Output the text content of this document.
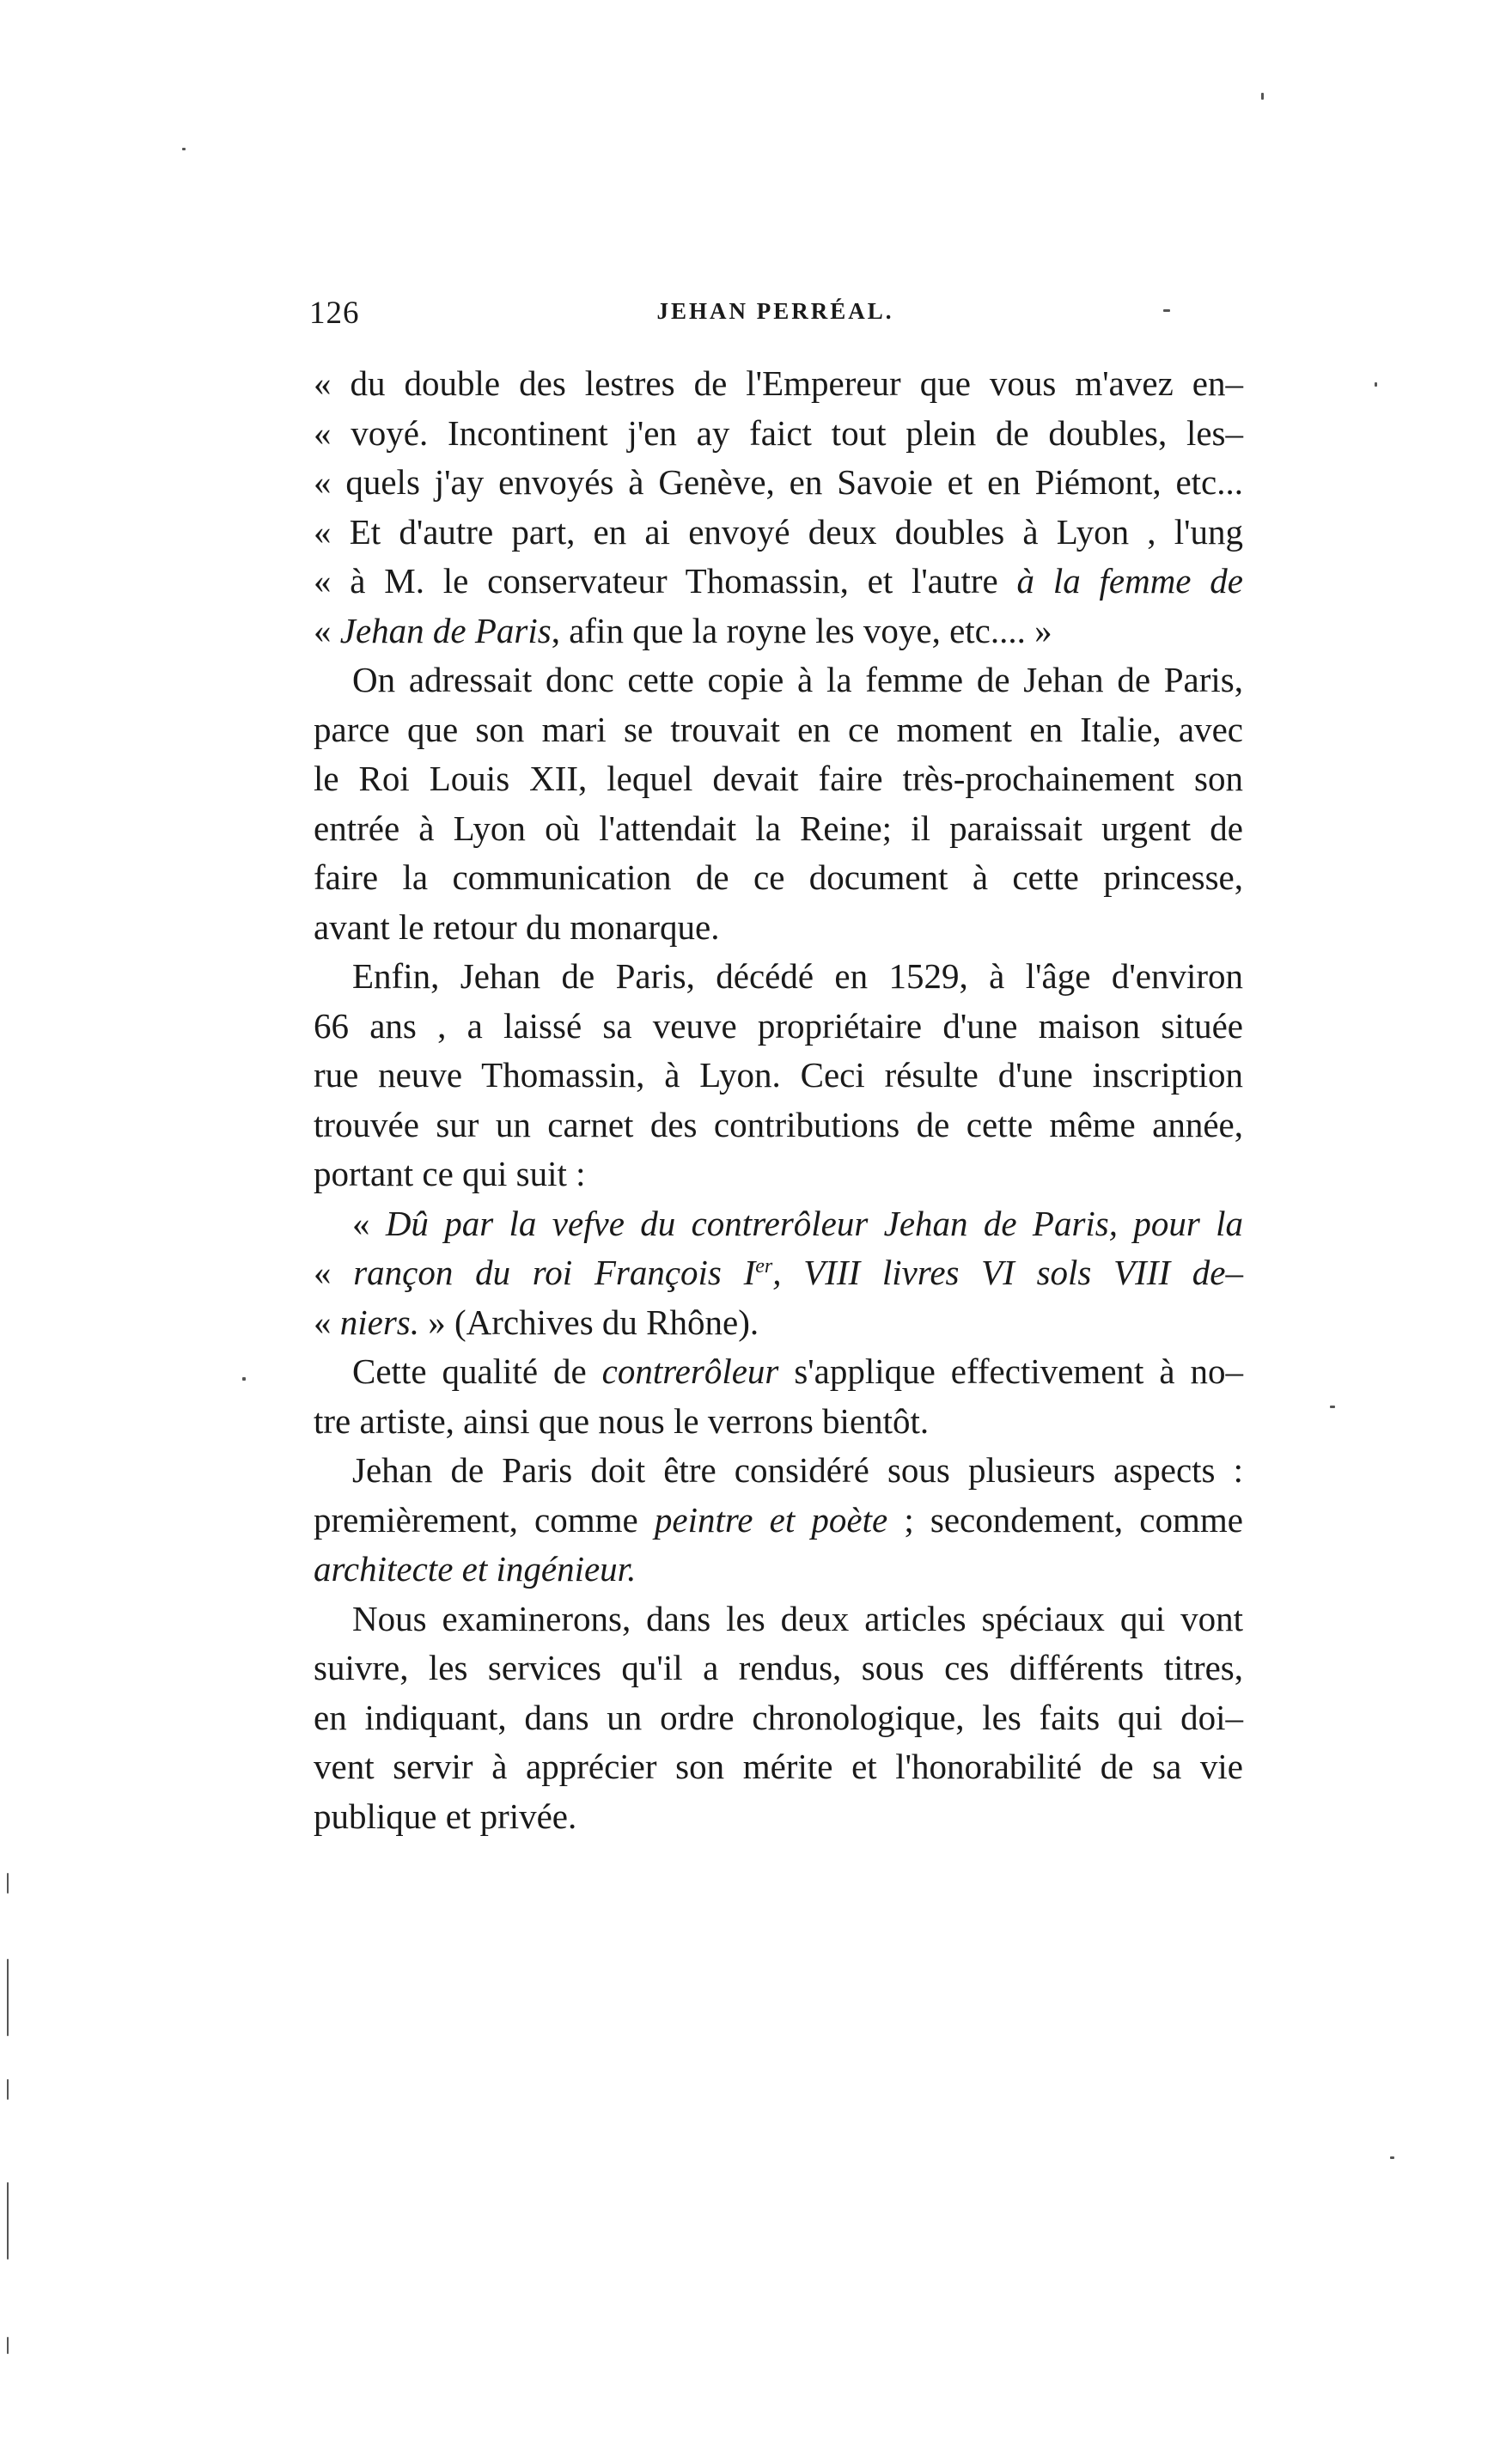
126	JEHAN PERRÉAL.
« du double des lestres de l'Empereur que vous m'avez en–
« voyé. Incontinent j'en ay faict tout plein de doubles, les–
« quels j'ay envoyés à Genève, en Savoie et en Piémont, etc...
« Et d'autre part, en ai envoyé deux doubles à Lyon , l'ung
« à M. le conservateur Thomassin, et l'autre à la femme de
« Jehan de Paris, afin que la royne les voye, etc.... »
On adressait donc cette copie à la femme de Jehan de Paris,
parce que son mari se trouvait en ce moment en Italie, avec
le Roi Louis XII, lequel devait faire très-prochainement son
entrée à Lyon où l'attendait la Reine; il paraissait urgent de
faire la communication de ce document à cette princesse,
avant le retour du monarque.
Enfin, Jehan de Paris, décédé en 1529, à l'âge d'environ
66 ans , a laissé sa veuve propriétaire d'une maison située
rue neuve Thomassin, à Lyon. Ceci résulte d'une inscription
trouvée sur un carnet des contributions de cette même année,
portant ce qui suit :
« Dû par la vefve du contrerôleur Jehan de Paris, pour la
« rançon du roi François Ier, VIII livres VI sols VIII de–
« niers. » (Archives du Rhône).
Cette qualité de contrerôleur s'applique effectivement à no–
tre artiste, ainsi que nous le verrons bientôt.
Jehan de Paris doit être considéré sous plusieurs aspects :
premièrement, comme peintre et poète ; secondement, comme
architecte et ingénieur.
Nous examinerons, dans les deux articles spéciaux qui vont
suivre, les services qu'il a rendus, sous ces différents titres,
en indiquant, dans un ordre chronologique, les faits qui doi–
vent servir à apprécier son mérite et l'honorabilité de sa vie
publique et privée.
